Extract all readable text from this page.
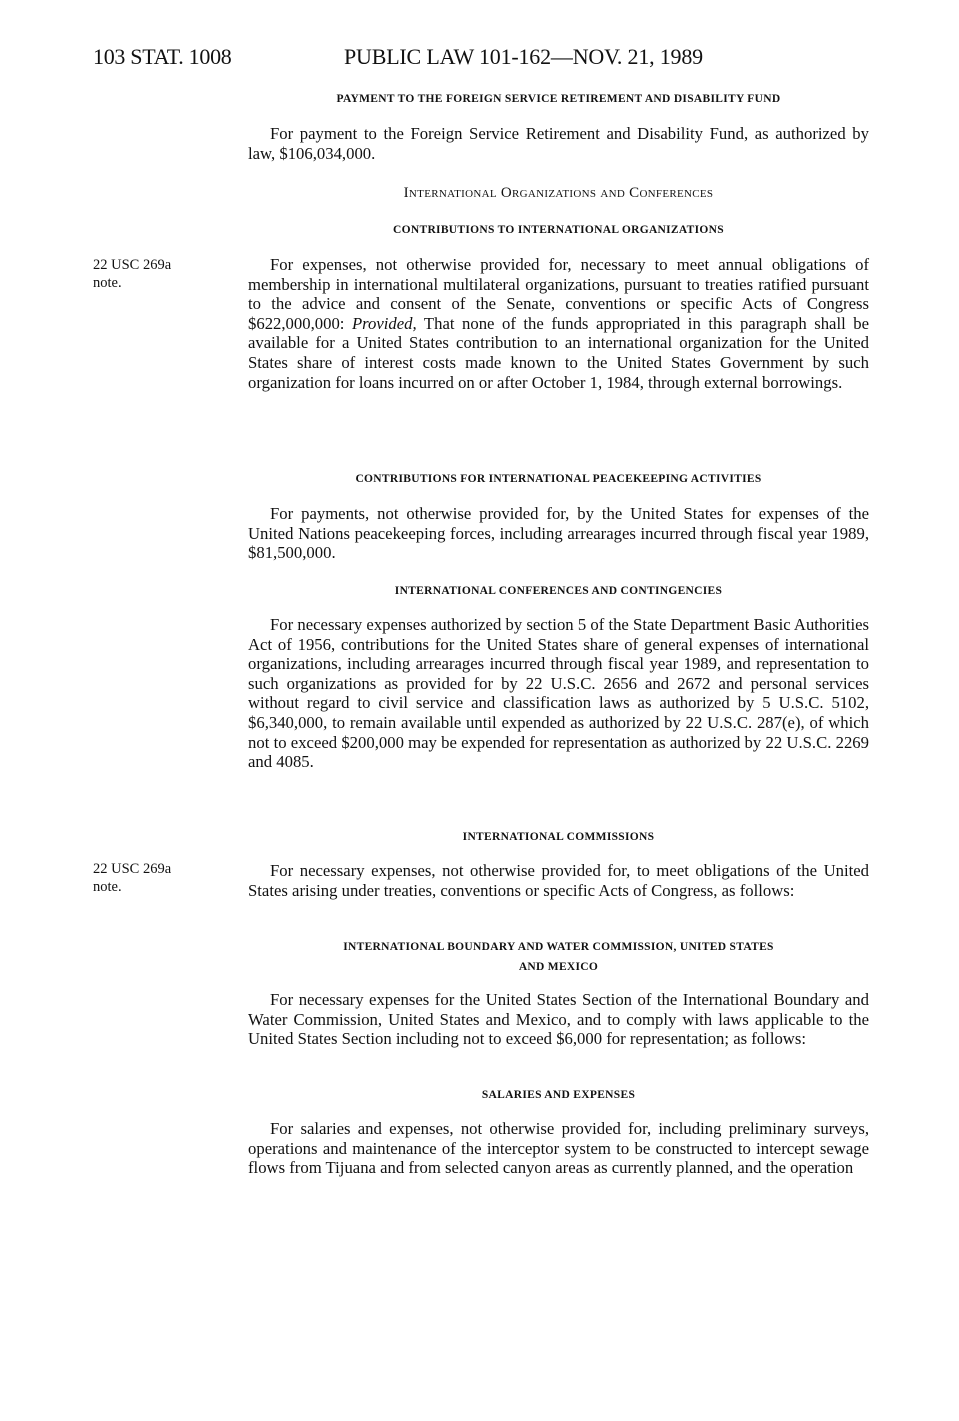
103 STAT. 1008	PUBLIC LAW 101-162—NOV. 21, 1989
22 USC 269a
note.
22 USC 269a
note.
PAYMENT TO THE FOREIGN SERVICE RETIREMENT AND DISABILITY FUND

For payment to the Foreign Service Retirement and Disability Fund, as authorized by law, $106,034,000.

International Organizations and Conferences
CONTRIBUTIONS TO INTERNATIONAL ORGANIZATIONS

For expenses, not otherwise provided for, necessary to meet annual obligations of membership in international multilateral organizations, pursuant to treaties ratified pursuant to the advice and consent of the Senate, conventions or specific Acts of Congress $622,000,000: Provided, That none of the funds appropriated in this paragraph shall be available for a United States contribution to an international organization for the United States share of interest costs made known to the United States Government by such organization for loans incurred on or after October 1, 1984, through external borrowings.

CONTRIBUTIONS FOR INTERNATIONAL PEACEKEEPING ACTIVITIES

For payments, not otherwise provided for, by the United States for expenses of the United Nations peacekeeping forces, including arrearages incurred through fiscal year 1989, $81,500,000.

INTERNATIONAL CONFERENCES AND CONTINGENCIES

For necessary expenses authorized by section 5 of the State Department Basic Authorities Act of 1956, contributions for the United States share of general expenses of international organizations, including arrearages incurred through fiscal year 1989, and representation to such organizations as provided for by 22 U.S.C. 2656 and 2672 and personal services without regard to civil service and classification laws as authorized by 5 U.S.C. 5102, $6,340,000, to remain available until expended as authorized by 22 U.S.C. 287(e), of which not to exceed $200,000 may be expended for representation as authorized by 22 U.S.C. 2269 and 4085.

INTERNATIONAL COMMISSIONS

For necessary expenses, not otherwise provided for, to meet obligations of the United States arising under treaties, conventions or specific Acts of Congress, as follows:

INTERNATIONAL BOUNDARY AND WATER COMMISSION, UNITED STATES
AND MEXICO

For necessary expenses for the United States Section of the International Boundary and Water Commission, United States and Mexico, and to comply with laws applicable to the United States Section including not to exceed $6,000 for representation; as follows:

SALARIES AND EXPENSES

For salaries and expenses, not otherwise provided for, including preliminary surveys, operations and maintenance of the interceptor system to be constructed to intercept sewage flows from Tijuana and from selected canyon areas as currently planned, and the operation
